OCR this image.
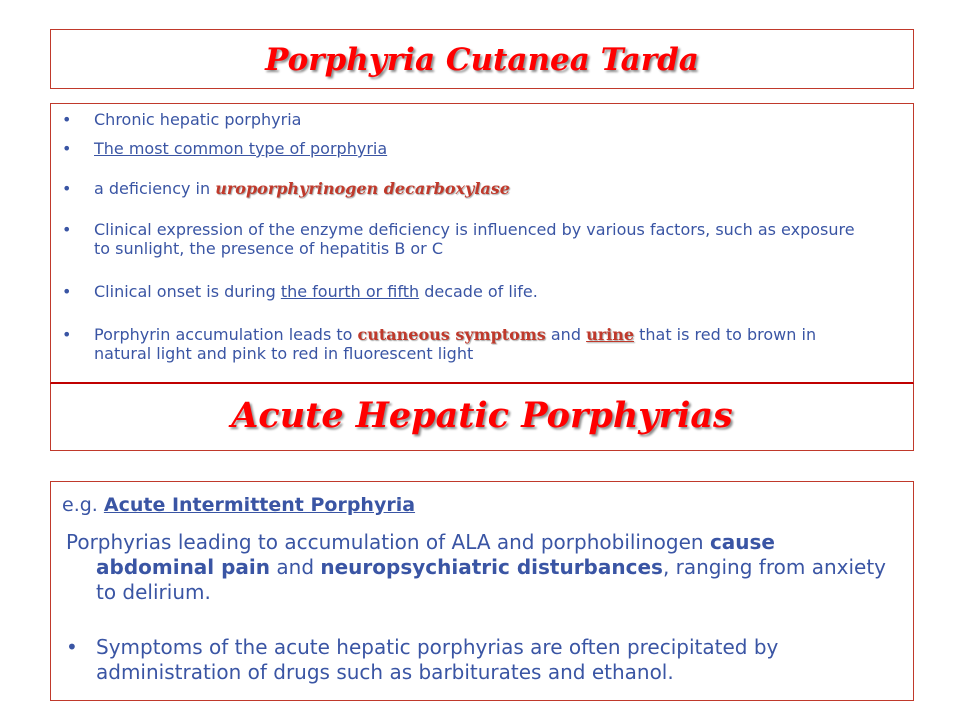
Porphyria Cutanea Tarda
• Chronic hepatic porphyria
• The most common type of porphyria
• a deficiency in uroporphyrinogen decarboxylase
• Clinical expression of the enzyme deficiency is influenced by various factors, such as exposure to sunlight, the presence of hepatitis B or C
• Clinical onset is during the fourth or fifth decade of life.
• Porphyrin accumulation leads to cutaneous symptoms and urine that is red to brown in natural light and pink to red in fluorescent light
Acute Hepatic Porphyrias
e.g. Acute Intermittent Porphyria
Porphyrias leading to accumulation of ALA and porphobilinogen cause abdominal pain and neuropsychiatric disturbances, ranging from anxiety to delirium.
• Symptoms of the acute hepatic porphyrias are often precipitated by administration of drugs such as barbiturates and ethanol.
